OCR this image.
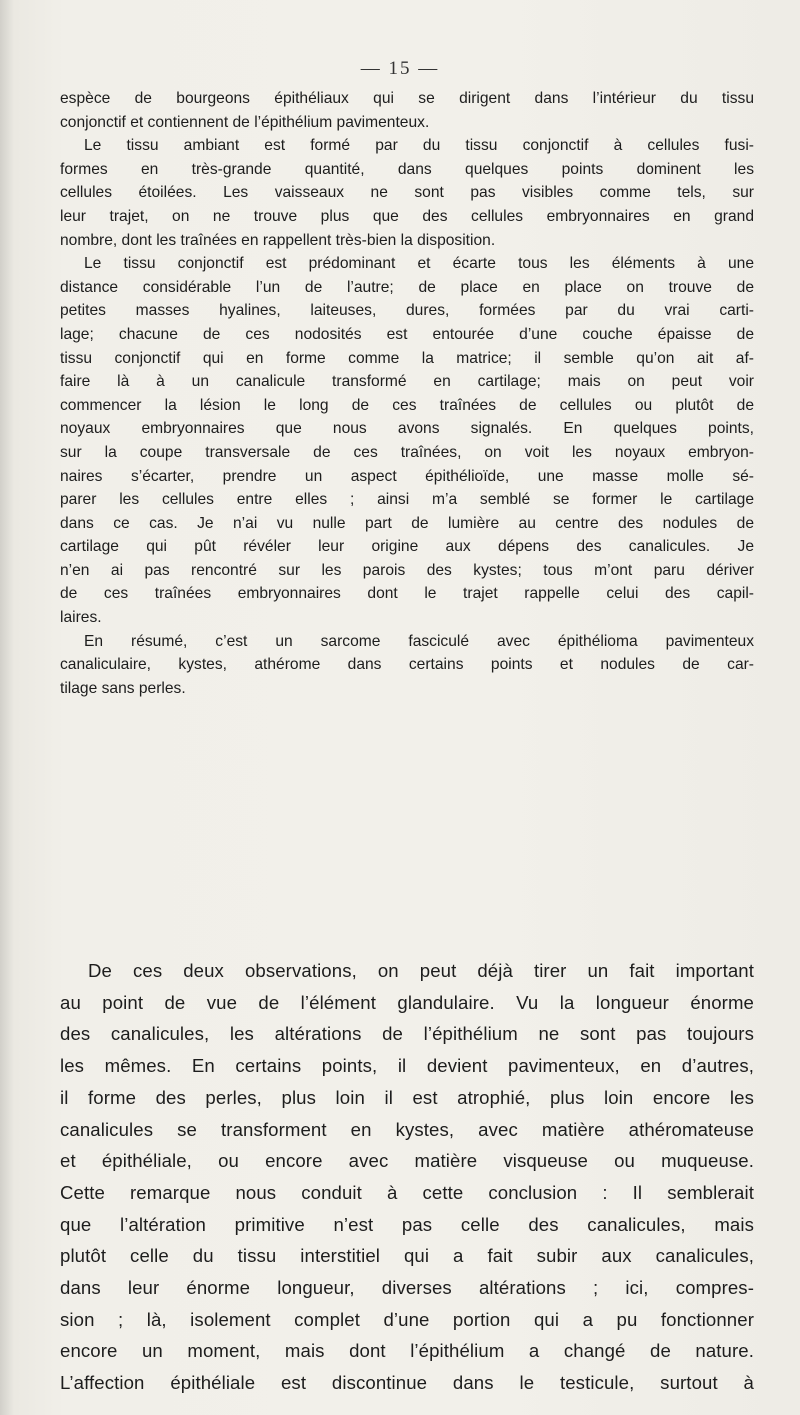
— 15 —
espèce de bourgeons épithéliaux qui se dirigent dans l’intérieur du tissu
conjonctif et contiennent de l’épithélium pavimenteux.
Le tissu ambiant est formé par du tissu conjonctif à cellules fusi-
formes en très-grande quantité, dans quelques points dominent les
cellules étoilées. Les vaisseaux ne sont pas visibles comme tels, sur
leur trajet, on ne trouve plus que des cellules embryonnaires en grand
nombre, dont les traînées en rappellent très-bien la disposition.
Le tissu conjonctif est prédominant et écarte tous les éléments à une
distance considérable l’un de l’autre; de place en place on trouve de
petites masses hyalines, laiteuses, dures, formées par du vrai carti-
lage; chacune de ces nodosités est entourée d’une couche épaisse de
tissu conjonctif qui en forme comme la matrice; il semble qu’on ait af-
faire là à un canalicule transformé en cartilage; mais on peut voir
commencer la lésion le long de ces traînées de cellules ou plutôt de
noyaux embryonnaires que nous avons signalés. En quelques points,
sur la coupe transversale de ces traînées, on voit les noyaux embryon-
naires s’écarter, prendre un aspect épithélioïde, une masse molle sé-
parer les cellules entre elles ; ainsi m’a semblé se former le cartilage
dans ce cas. Je n’ai vu nulle part de lumière au centre des nodules de
cartilage qui pût révéler leur origine aux dépens des canalicules. Je
n’en ai pas rencontré sur les parois des kystes; tous m’ont paru dériver
de ces traînées embryonnaires dont le trajet rappelle celui des capil-
laires.
En résumé, c’est un sarcome fasciculé avec épithélioma pavimenteux
canaliculaire, kystes, athérome dans certains points et nodules de car-
tilage sans perles.
De ces deux observations, on peut déjà tirer un fait important
au point de vue de l’élément glandulaire. Vu la longueur énorme
des canalicules, les altérations de l’épithélium ne sont pas toujours
les mêmes. En certains points, il devient pavimenteux, en d’autres,
il forme des perles, plus loin il est atrophié, plus loin encore les
canalicules se transforment en kystes, avec matière athéromateuse
et épithéliale, ou encore avec matière visqueuse ou muqueuse.
Cette remarque nous conduit à cette conclusion : Il semblerait
que l’altération primitive n’est pas celle des canalicules, mais
plutôt celle du tissu interstitiel qui a fait subir aux canalicules,
dans leur énorme longueur, diverses altérations ; ici, compres-
sion ; là, isolement complet d’une portion qui a pu fonctionner
encore un moment, mais dont l’épithélium a changé de nature.
L’affection épithéliale est discontinue dans le testicule, surtout à
